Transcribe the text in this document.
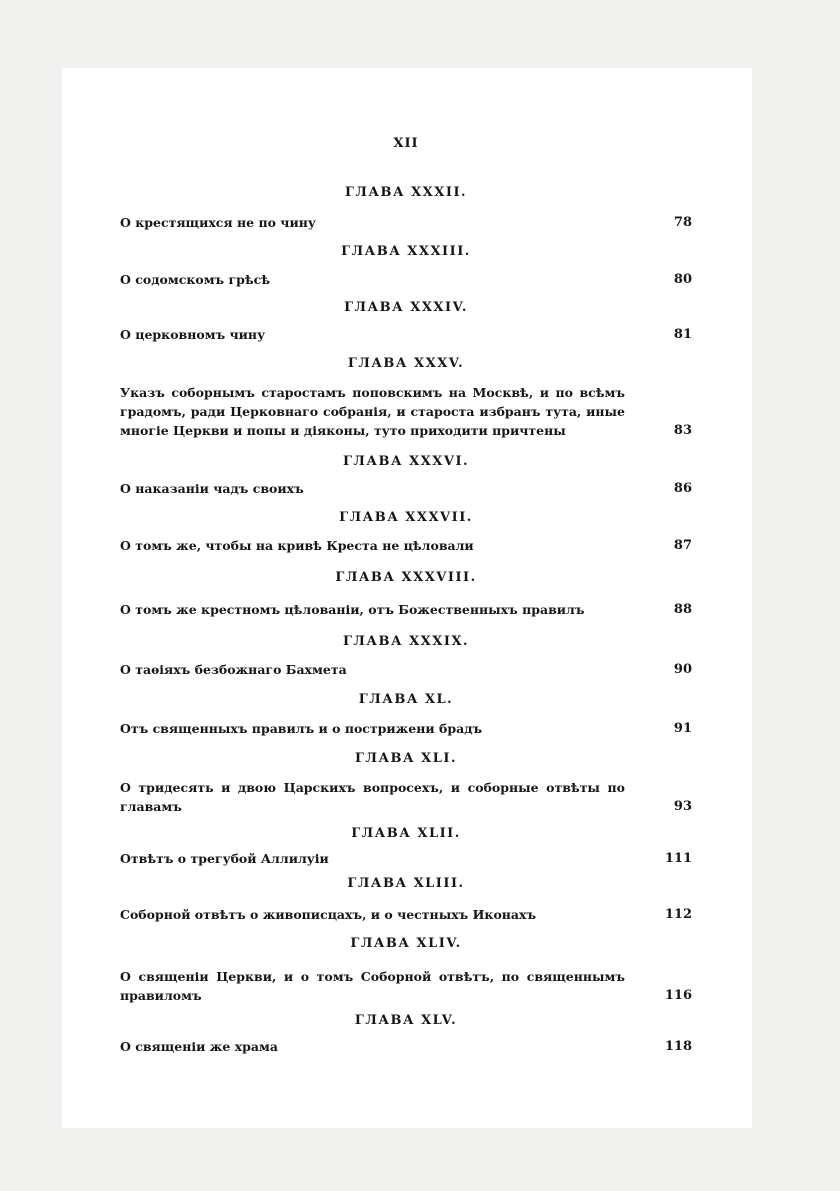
XII
ГЛАВА XXXII.
О крестящихся не по чину	78
ГЛАВА XXXIII.
О содомскомъ грѣсѣ	80
ГЛАВА XXXIV.
О церковномъ чину	81
ГЛАВА XXXV.
Указъ соборнымъ старостамъ поповскимъ на Москвѣ, и по всѣмъ градомъ, ради Церковнаго собранія, и староста избранъ тута, иные многіе Церкви и попы и діяконы, туто приходити причтены	83
ГЛАВА XXXVI.
О наказаніи чадъ своихъ	86
ГЛАВА XXXVII.
О томъ же, чтобы на кривѣ Креста не цѣловали	87
ГЛАВА XXXVIII.
О томъ же крестномъ цѣлованіи, отъ Божественныхъ правилъ	88
ГЛАВА XXXIX.
О таѳіяхъ безбожнаго Бахмета	90
ГЛАВА XL.
Отъ священныхъ правилъ и о пострижени брадъ	91
ГЛАВА XLI.
О тридесять и двою Царскихъ вопросехъ, и соборные отвѣты по главамъ	93
ГЛАВА XLII.
Отвѣтъ о трегубой Аллилуіи	111
ГЛАВА XLIII.
Соборной отвѣтъ о живописцахъ, и о честныхъ Иконахъ	112
ГЛАВА XLIV.
О священіи Церкви, и о томъ Соборной отвѣтъ, по священнымъ правиломъ	116
ГЛАВА XLV.
О священіи же храма	118
